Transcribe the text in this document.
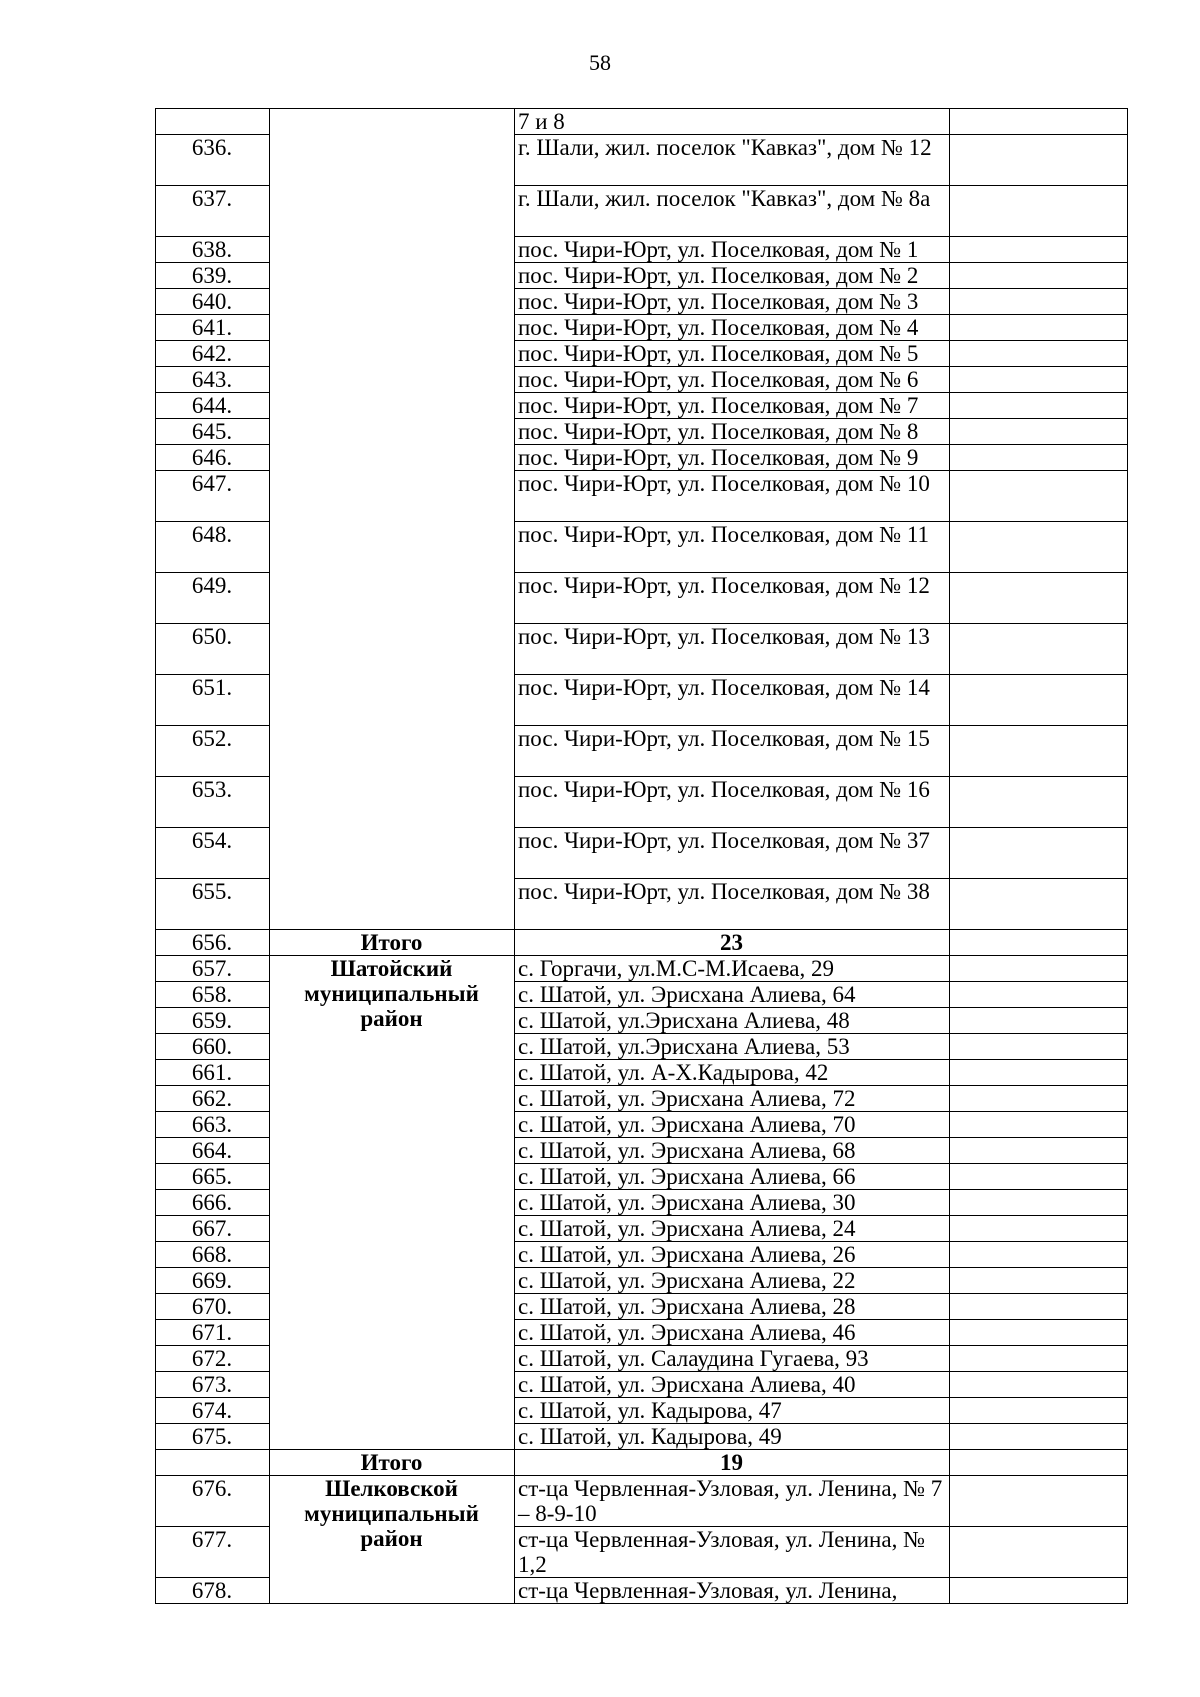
58
		7 и 8	
636.		г. Шали, жил. поселок "Кавказ", дом № 12	
637.		г. Шали, жил. поселок "Кавказ", дом № 8а	
638.		пос. Чири-Юрт, ул. Поселковая, дом № 1	
639.		пос. Чири-Юрт, ул. Поселковая, дом № 2	
640.		пос. Чири-Юрт, ул. Поселковая, дом № 3	
641.		пос. Чири-Юрт, ул. Поселковая, дом № 4	
642.		пос. Чири-Юрт, ул. Поселковая, дом № 5	
643.		пос. Чири-Юрт, ул. Поселковая, дом № 6	
644.		пос. Чири-Юрт, ул. Поселковая, дом № 7	
645.		пос. Чири-Юрт, ул. Поселковая, дом № 8	
646.		пос. Чири-Юрт, ул. Поселковая, дом № 9	
647.		пос. Чири-Юрт, ул. Поселковая, дом № 10	
648.		пос. Чири-Юрт, ул. Поселковая, дом № 11	
649.		пос. Чири-Юрт, ул. Поселковая, дом № 12	
650.		пос. Чири-Юрт, ул. Поселковая, дом № 13	
651.		пос. Чири-Юрт, ул. Поселковая, дом № 14	
652.		пос. Чири-Юрт, ул. Поселковая, дом № 15	
653.		пос. Чири-Юрт, ул. Поселковая, дом № 16	
654.		пос. Чири-Юрт, ул. Поселковая, дом № 37	
655.		пос. Чири-Юрт, ул. Поселковая, дом № 38	
656.	Итого	23	
657.	Шатойский муниципальный район	с. Горгачи, ул.М.С-М.Исаева, 29	
658.		с. Шатой, ул. Эрисхана Алиева, 64	
659.		с. Шатой, ул.Эрисхана Алиева, 48	
660.		с. Шатой, ул.Эрисхана Алиева, 53	
661.		с. Шатой, ул. А-Х.Кадырова, 42	
662.		с. Шатой, ул. Эрисхана Алиева, 72	
663.		с. Шатой, ул. Эрисхана Алиева, 70	
664.		с. Шатой, ул. Эрисхана Алиева, 68	
665.		с. Шатой, ул. Эрисхана Алиева, 66	
666.		с. Шатой, ул. Эрисхана Алиева, 30	
667.		с. Шатой, ул. Эрисхана Алиева, 24	
668.		с. Шатой, ул. Эрисхана Алиева, 26	
669.		с. Шатой, ул. Эрисхана Алиева, 22	
670.		с. Шатой, ул. Эрисхана Алиева, 28	
671.		с. Шатой, ул. Эрисхана Алиева, 46	
672.		с. Шатой, ул. Салаудина Гугаева, 93	
673.		с. Шатой, ул. Эрисхана Алиева, 40	
674.		с. Шатой, ул. Кадырова, 47	
675.		с. Шатой, ул. Кадырова, 49	
	Итого	19	
676.	Шелковской муниципальный район	ст-ца Червленная-Узловая, ул. Ленина, № 7 – 8-9-10	
677.		ст-ца Червленная-Узловая, ул. Ленина, № 1,2	
678.		ст-ца Червленная-Узловая, ул. Ленина,	
